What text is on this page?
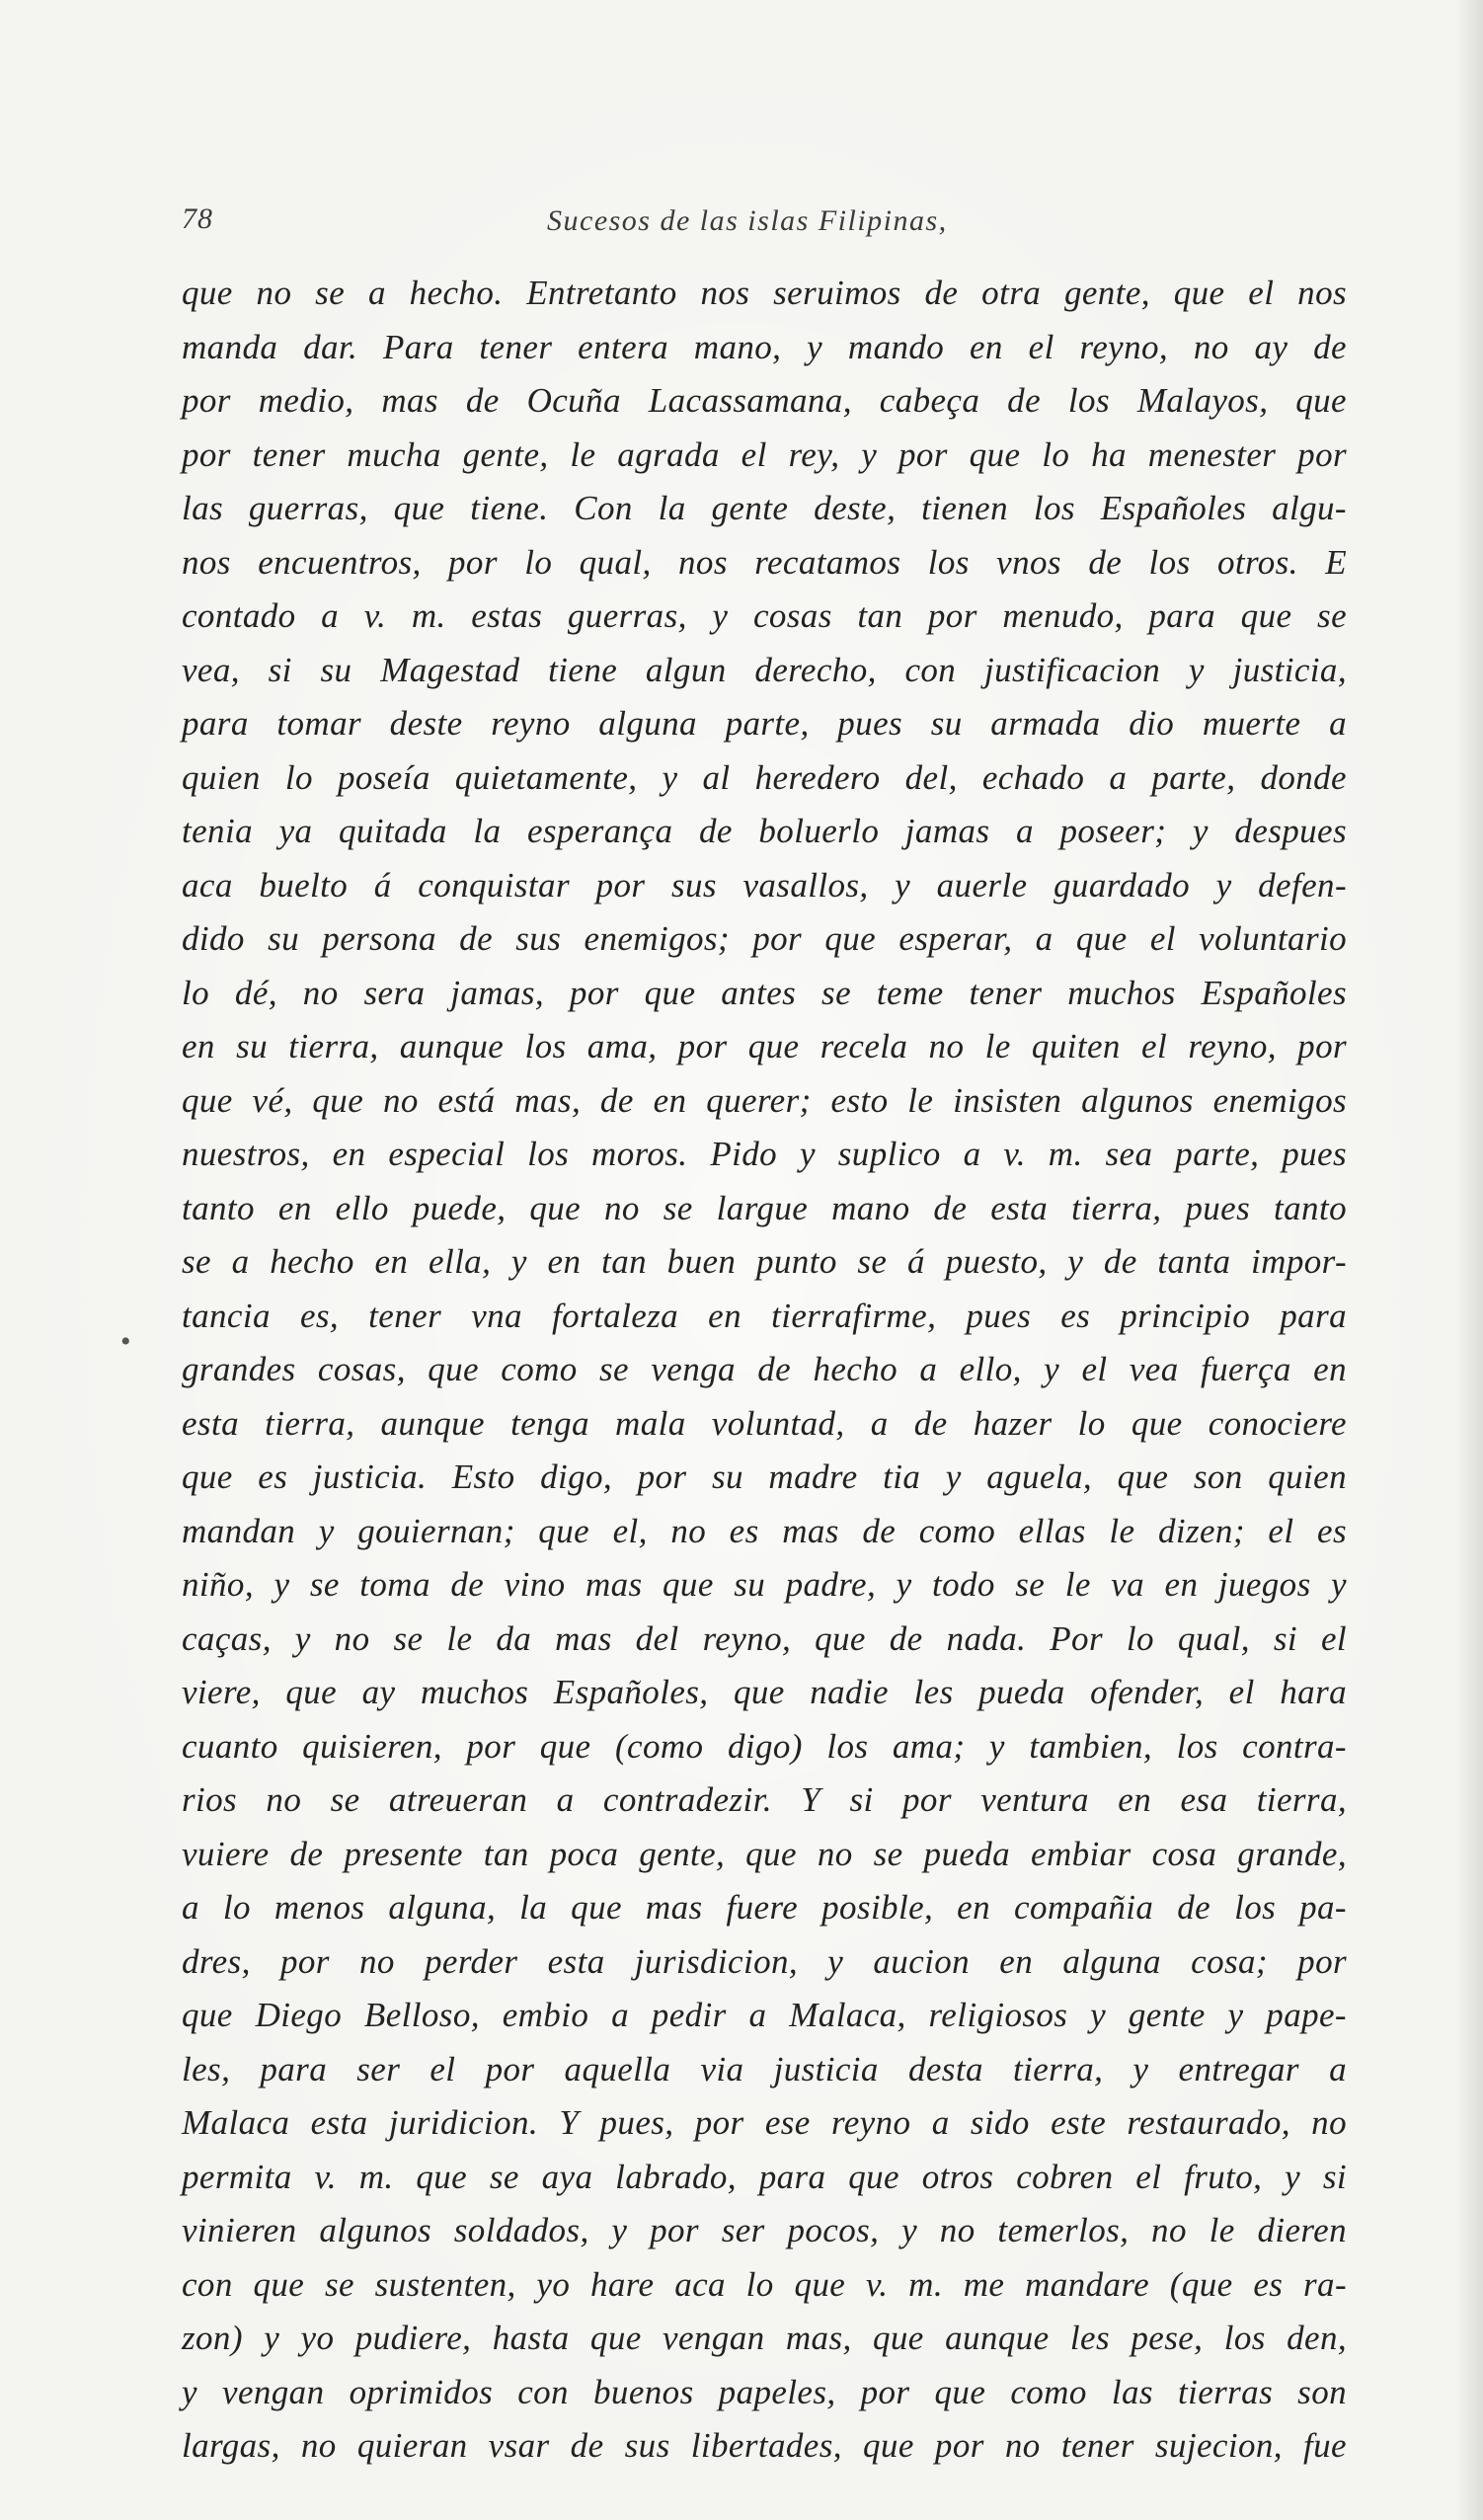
78	Sucesos de las islas Filipinas,
•
que no se a hecho. Entretanto nos seruimos de otra gente, que el nos
manda dar. Para tener entera mano, y mando en el reyno, no ay de
por medio, mas de Ocuña Lacassamana, cabeça de los Malayos, que
por tener mucha gente, le agrada el rey, y por que lo ha menester por
las guerras, que tiene. Con la gente deste, tienen los Españoles algu-
nos encuentros, por lo qual, nos recatamos los vnos de los otros. E
contado a v. m. estas guerras, y cosas tan por menudo, para que se
vea, si su Magestad tiene algun derecho, con justificacion y justicia,
para tomar deste reyno alguna parte, pues su armada dio muerte a
quien lo poseía quietamente, y al heredero del, echado a parte, donde
tenia ya quitada la esperança de boluerlo jamas a poseer; y despues
aca buelto á conquistar por sus vasallos, y auerle guardado y defen-
dido su persona de sus enemigos; por que esperar, a que el voluntario
lo dé, no sera jamas, por que antes se teme tener muchos Españoles
en su tierra, aunque los ama, por que recela no le quiten el reyno, por
que vé, que no está mas, de en querer; esto le insisten algunos enemigos
nuestros, en especial los moros. Pido y suplico a v. m. sea parte, pues
tanto en ello puede, que no se largue mano de esta tierra, pues tanto
se a hecho en ella, y en tan buen punto se á puesto, y de tanta impor-
tancia es, tener vna fortaleza en tierrafirme, pues es principio para
grandes cosas, que como se venga de hecho a ello, y el vea fuerça en
esta tierra, aunque tenga mala voluntad, a de hazer lo que conociere
que es justicia. Esto digo, por su madre tia y aguela, que son quien
mandan y gouiernan; que el, no es mas de como ellas le dizen; el es
niño, y se toma de vino mas que su padre, y todo se le va en juegos y
caças, y no se le da mas del reyno, que de nada. Por lo qual, si el
viere, que ay muchos Españoles, que nadie les pueda ofender, el hara
cuanto quisieren, por que (como digo) los ama; y tambien, los contra-
rios no se atreueran a contradezir. Y si por ventura en esa tierra,
vuiere de presente tan poca gente, que no se pueda embiar cosa grande,
a lo menos alguna, la que mas fuere posible, en compañia de los pa-
dres, por no perder esta jurisdicion, y aucion en alguna cosa; por
que Diego Belloso, embio a pedir a Malaca, religiosos y gente y pape-
les, para ser el por aquella via justicia desta tierra, y entregar a
Malaca esta juridicion. Y pues, por ese reyno a sido este restaurado, no
permita v. m. que se aya labrado, para que otros cobren el fruto, y si
vinieren algunos soldados, y por ser pocos, y no temerlos, no le dieren
con que se sustenten, yo hare aca lo que v. m. me mandare (que es ra-
zon) y yo pudiere, hasta que vengan mas, que aunque les pese, los den,
y vengan oprimidos con buenos papeles, por que como las tierras son
largas, no quieran vsar de sus libertades, que por no tener sujecion, fue
